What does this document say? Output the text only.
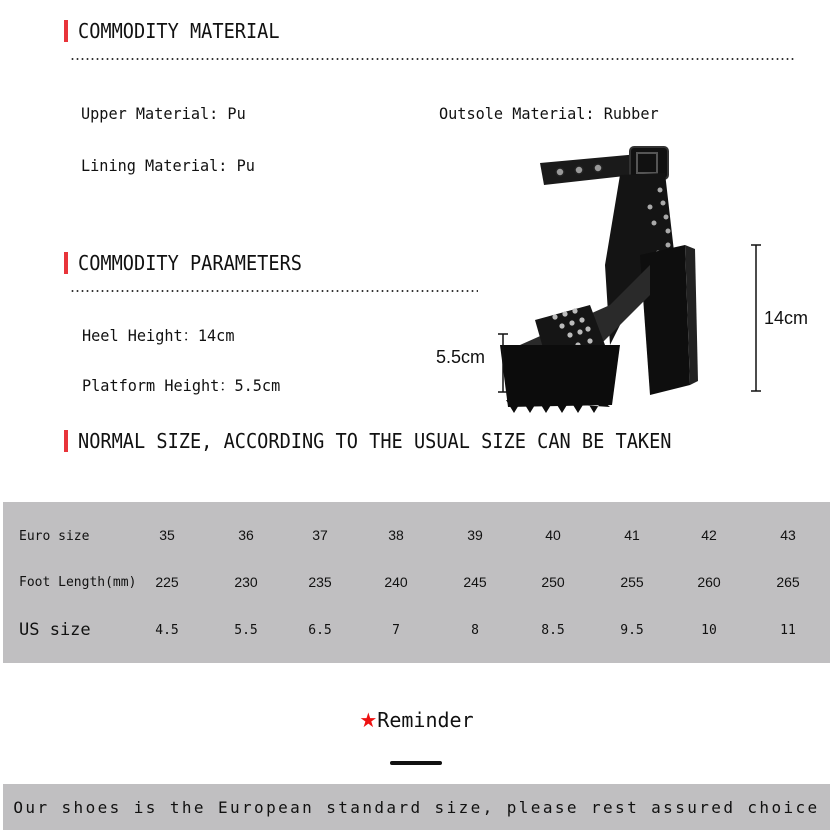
COMMODITY MATERIAL
Upper Material: Pu	Outsole Material: Rubber
Lining Material: Pu
COMMODITY PARAMETERS
Heel Height：14cm
Platform Height：5.5cm
5.5cm
14cm
NORMAL SIZE, ACCORDING TO THE USUAL SIZE CAN BE TAKEN
Euro size	35	36	37	38	39	40	41	42	43
Foot Length(mm)	225	230	235	240	245	250	255	260	265
US size	4.5	5.5	6.5	7	8	8.5	9.5	10	11
★Reminder
Our shoes is the European standard size, please rest assured choice
